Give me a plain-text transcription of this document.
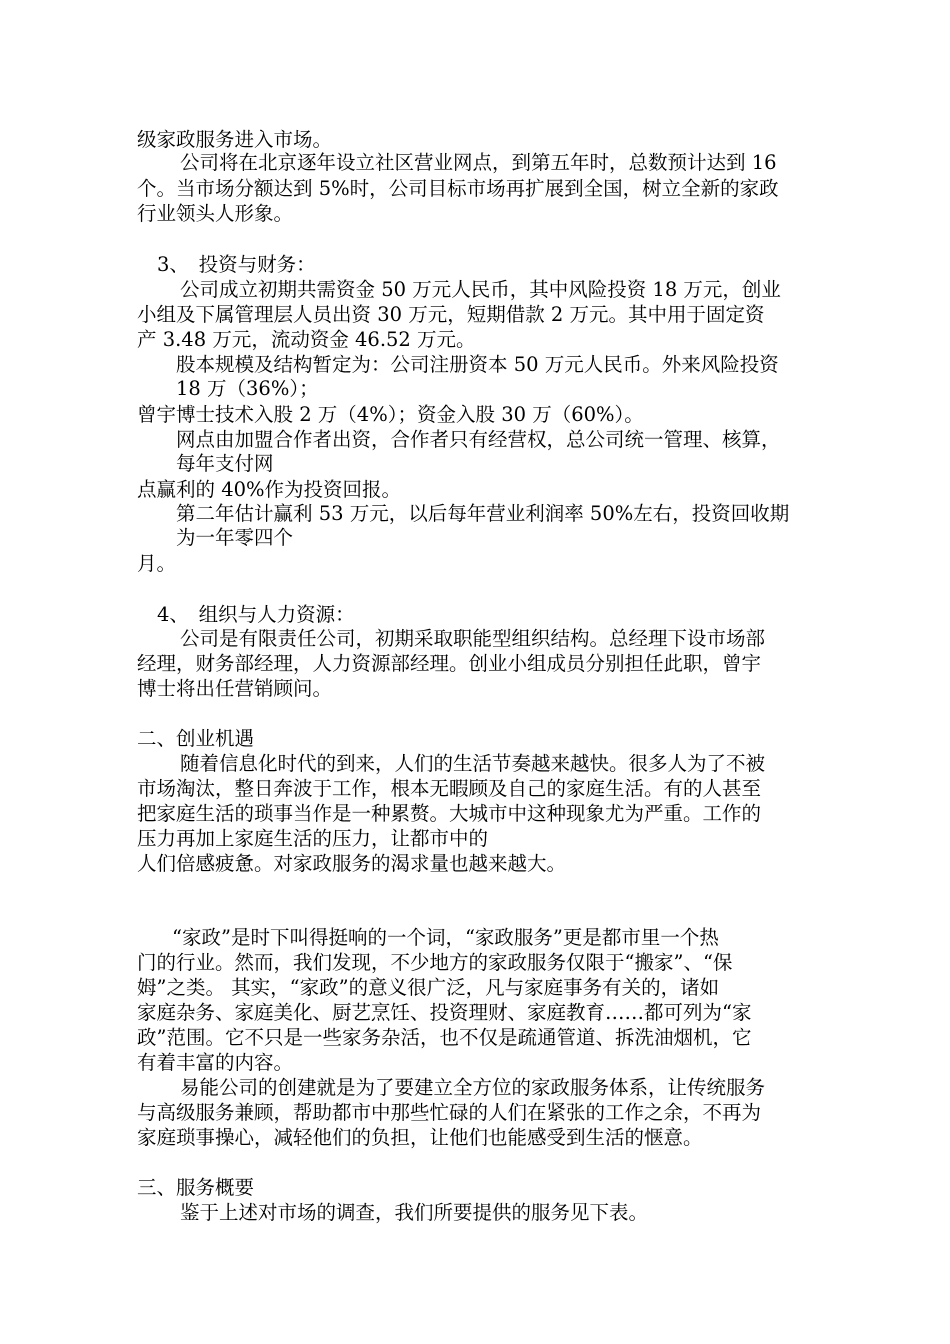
级家政服务进入市场。

公司将在北京逐年设立社区营业网点，到第五年时，总数预计达到 16

个。当市场分额达到 5%时，公司目标市场再扩展到全国，树立全新的家政

行业领头人形象。

3、　投资与财务：

公司成立初期共需资金 50 万元人民币，其中风险投资 18 万元，创业

小组及下属管理层人员出资 30 万元，短期借款 2 万元。其中用于固定资

产 3.48 万元，流动资金 46.52 万元。

股本规模及结构暂定为：公司注册资本 50 万元人民币。外来风险投资

18 万（36%）；

曾宇博士技术入股 2 万（4%）；资金入股 30 万（60%）。

网点由加盟合作者出资，合作者只有经营权，总公司统一管理、核算，

每年支付网

点赢利的 40%作为投资回报。

第二年估计赢利 53 万元，以后每年营业利润率 50%左右，投资回收期

为一年零四个

月。

4、　组织与人力资源：

公司是有限责任公司，初期采取职能型组织结构。总经理下设市场部

经理，财务部经理，人力资源部经理。创业小组成员分别担任此职，曾宇

博士将出任营销顾问。

二、创业机遇

随着信息化时代的到来，人们的生活节奏越来越快。很多人为了不被

市场淘汰，整日奔波于工作，根本无暇顾及自己的家庭生活。有的人甚至

把家庭生活的琐事当作是一种累赘。大城市中这种现象尤为严重。工作的

压力再加上家庭生活的压力，让都市中的

人们倍感疲惫。对家政服务的渴求量也越来越大。

“家政”是时下叫得挺响的一个词，“家政服务”更是都市里一个热

门的行业。然而，我们发现，不少地方的家政服务仅限于“搬家”、“保

姆”之类。 其实，“家政”的意义很广泛，凡与家庭事务有关的，诸如

家庭杂务、家庭美化、厨艺烹饪、投资理财、家庭教育……都可列为“家

政”范围。它不只是一些家务杂活，也不仅是疏通管道、拆洗油烟机，它

有着丰富的内容。

易能公司的创建就是为了要建立全方位的家政服务体系，让传统服务

与高级服务兼顾，帮助都市中那些忙碌的人们在紧张的工作之余，不再为

家庭琐事操心，减轻他们的负担，让他们也能感受到生活的惬意。

三、服务概要

鉴于上述对市场的调查，我们所要提供的服务见下表。
